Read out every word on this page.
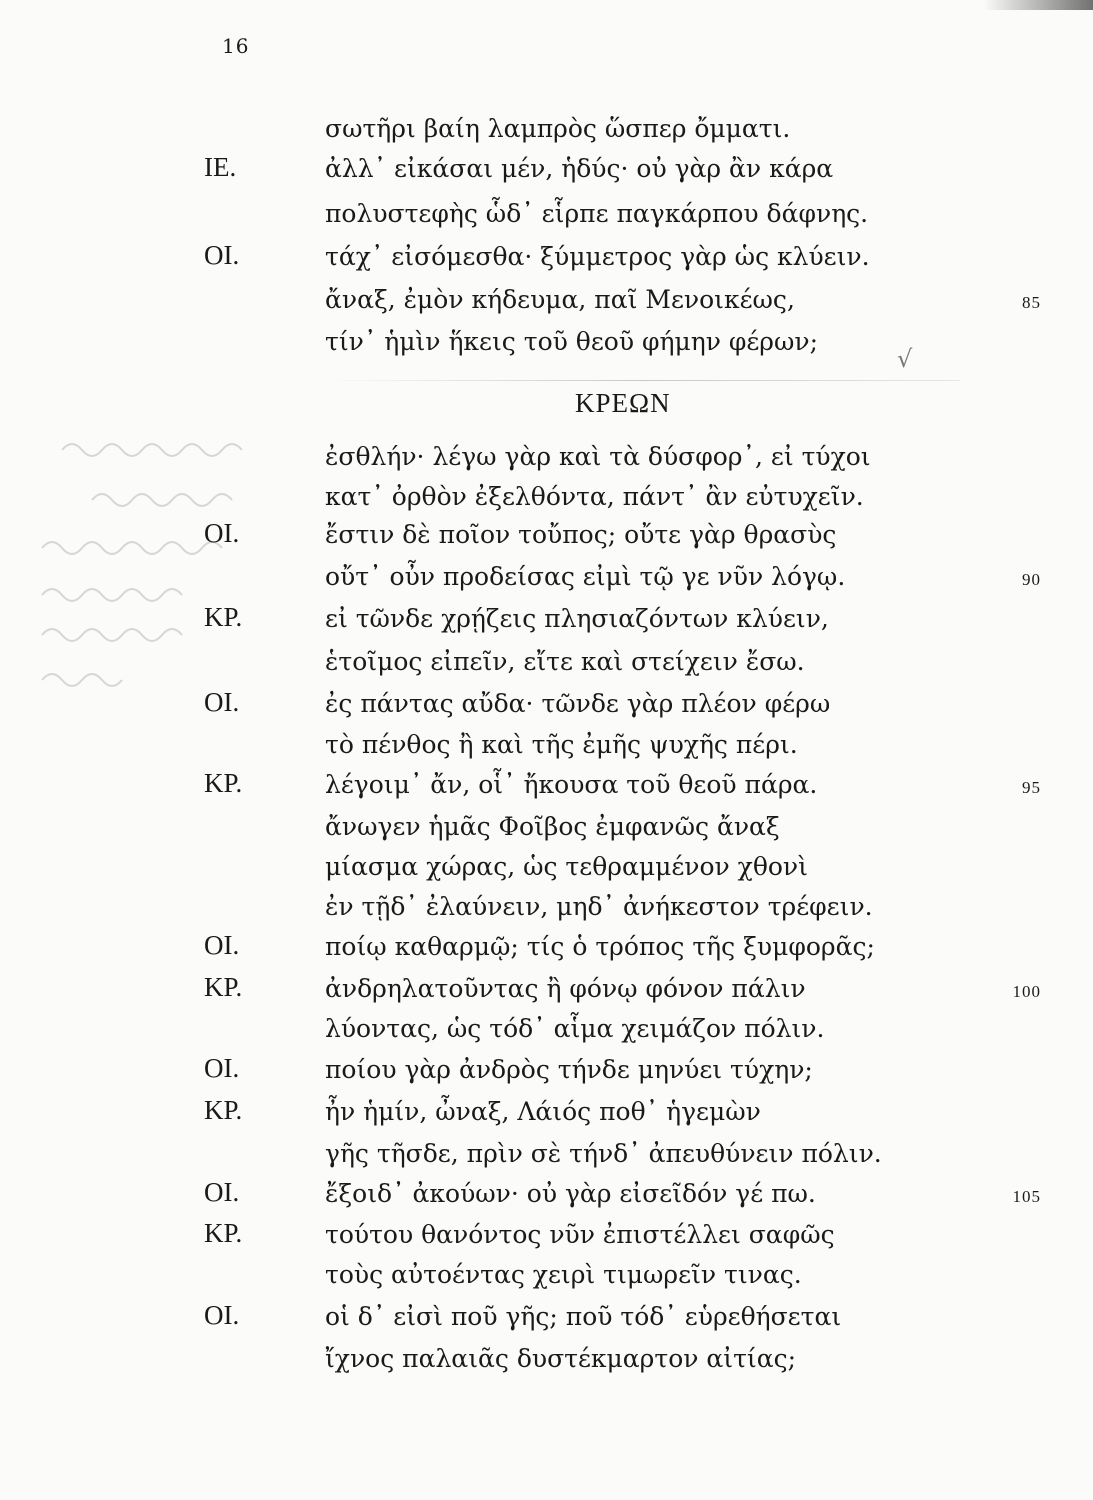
16
√
ΚΡΕΩΝ
σωτῆρι βαίη λαμπρὸς ὥσπερ ὄμματι.
ΙΕ.	ἀλλ᾽ εἰκάσαι μέν, ἡδύς· οὐ γὰρ ἂν κάρα
πολυστεφὴς ὧδ᾽ εἷρπε παγκάρπου δάφνης.
ΟΙ.	τάχ᾽ εἰσόμεσθα· ξύμμετρος γὰρ ὡς κλύειν.
ἄναξ, ἐμὸν κήδευμα, παῖ Μενοικέως,	85
τίν᾽ ἡμὶν ἥκεις τοῦ θεοῦ φήμην φέρων;
ἐσθλήν· λέγω γὰρ καὶ τὰ δύσφορ᾽, εἰ τύχοι
κατ᾽ ὀρθὸν ἐξελθόντα, πάντ᾽ ἂν εὐτυχεῖν.
ΟΙ.	ἔστιν δὲ ποῖον τοὔπος; οὔτε γὰρ θρασὺς
οὔτ᾽ οὖν προδείσας εἰμὶ τῷ γε νῦν λόγῳ.	90
ΚΡ.	εἰ τῶνδε χρῄζεις πλησιαζόντων κλύειν,
ἑτοῖμος εἰπεῖν, εἴτε καὶ στείχειν ἔσω.
ΟΙ.	ἐς πάντας αὔδα· τῶνδε γὰρ πλέον φέρω
τὸ πένθος ἢ καὶ τῆς ἐμῆς ψυχῆς πέρι.
ΚΡ.	λέγοιμ᾽ ἄν, οἷ᾽ ἤκουσα τοῦ θεοῦ πάρα.	95
ἄνωγεν ἡμᾶς Φοῖβος ἐμφανῶς ἄναξ
μίασμα χώρας, ὡς τεθραμμένον χθονὶ
ἐν τῇδ᾽ ἐλαύνειν, μηδ᾽ ἀνήκεστον τρέφειν.
ΟΙ.	ποίῳ καθαρμῷ; τίς ὁ τρόπος τῆς ξυμφορᾶς;
ΚΡ.	ἀνδρηλατοῦντας ἢ φόνῳ φόνον πάλιν	100
λύοντας, ὡς τόδ᾽ αἷμα χειμάζον πόλιν.
ΟΙ.	ποίου γὰρ ἀνδρὸς τήνδε μηνύει τύχην;
ΚΡ.	ἦν ἡμίν, ὦναξ, Λάιός ποθ᾽ ἡγεμὼν
γῆς τῆσδε, πρὶν σὲ τήνδ᾽ ἀπευθύνειν πόλιν.
ΟΙ.	ἔξοιδ᾽ ἀκούων· οὐ γὰρ εἰσεῖδόν γέ πω.	105
ΚΡ.	τούτου θανόντος νῦν ἐπιστέλλει σαφῶς
τοὺς αὐτοέντας χειρὶ τιμωρεῖν τινας.
ΟΙ.	οἱ δ᾽ εἰσὶ ποῦ γῆς; ποῦ τόδ᾽ εὑρεθήσεται
ἴχνος παλαιᾶς δυστέκμαρτον αἰτίας;
